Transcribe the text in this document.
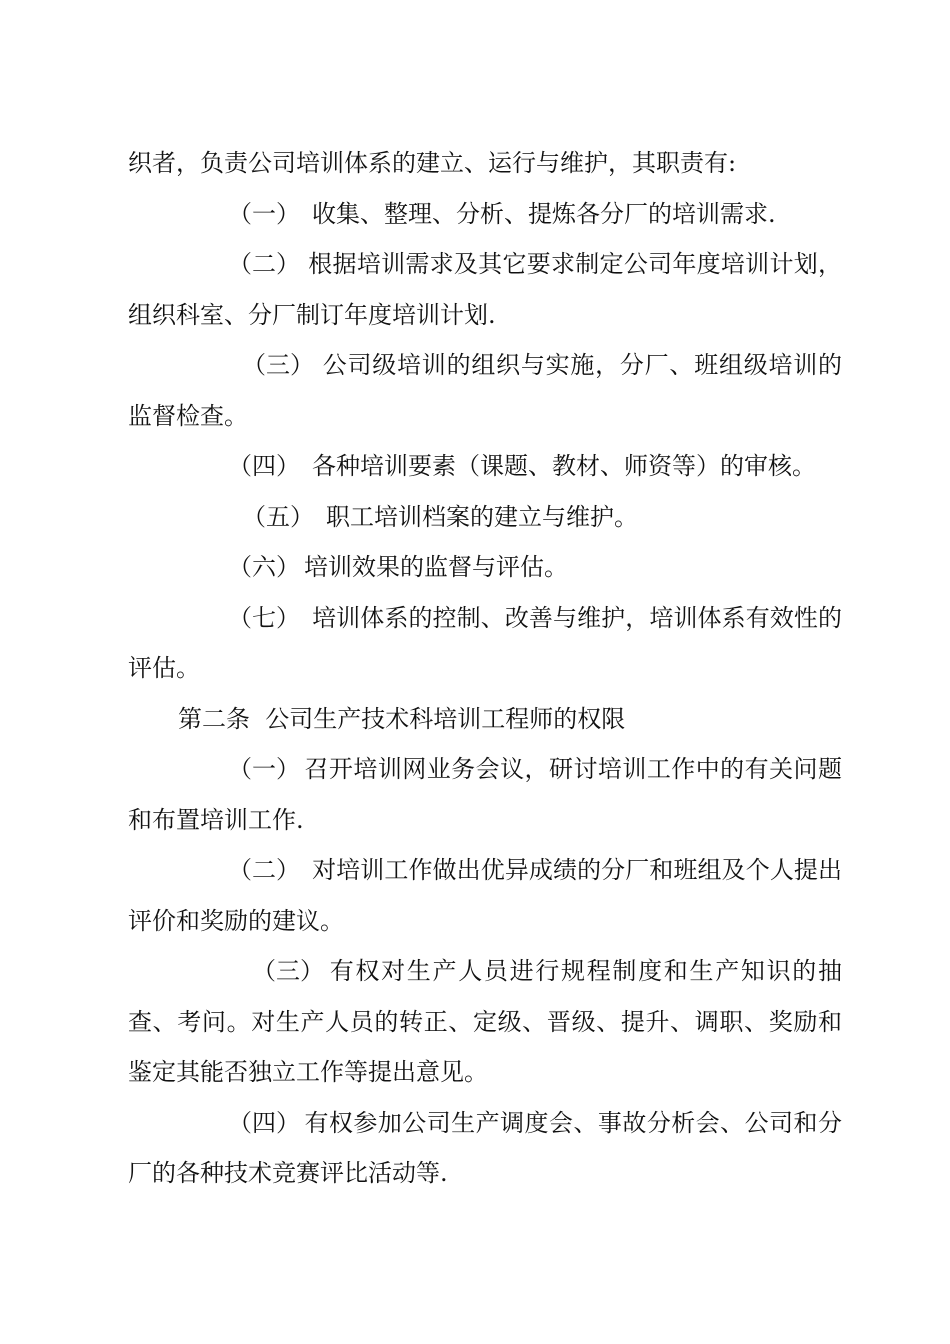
织者，负责公司培训体系的建立、运行与维护，其职责有:

（一） 收集、整理、分析、提炼各分厂的培训需求.

（二） 根据培训需求及其它要求制定公司年度培训计划，组织科室、分厂制订年度培训计划.

（三） 公司级培训的组织与实施，分厂、班组级培训的监督检查。

（四） 各种培训要素（课题、教材、师资等）的审核。

（五） 职工培训档案的建立与维护。

（六） 培训效果的监督与评估。

（七） 培训体系的控制、改善与维护，培训体系有效性的评估。

第二条  公司生产技术科培训工程师的权限

（一） 召开培训网业务会议，研讨培训工作中的有关问题和布置培训工作.

（二） 对培训工作做出优异成绩的分厂和班组及个人提出评价和奖励的建议。

（三） 有权对生产人员进行规程制度和生产知识的抽查、考问。对生产人员的转正、定级、晋级、提升、调职、奖励和鉴定其能否独立工作等提出意见。

（四） 有权参加公司生产调度会、事故分析会、公司和分厂的各种技术竞赛评比活动等.
